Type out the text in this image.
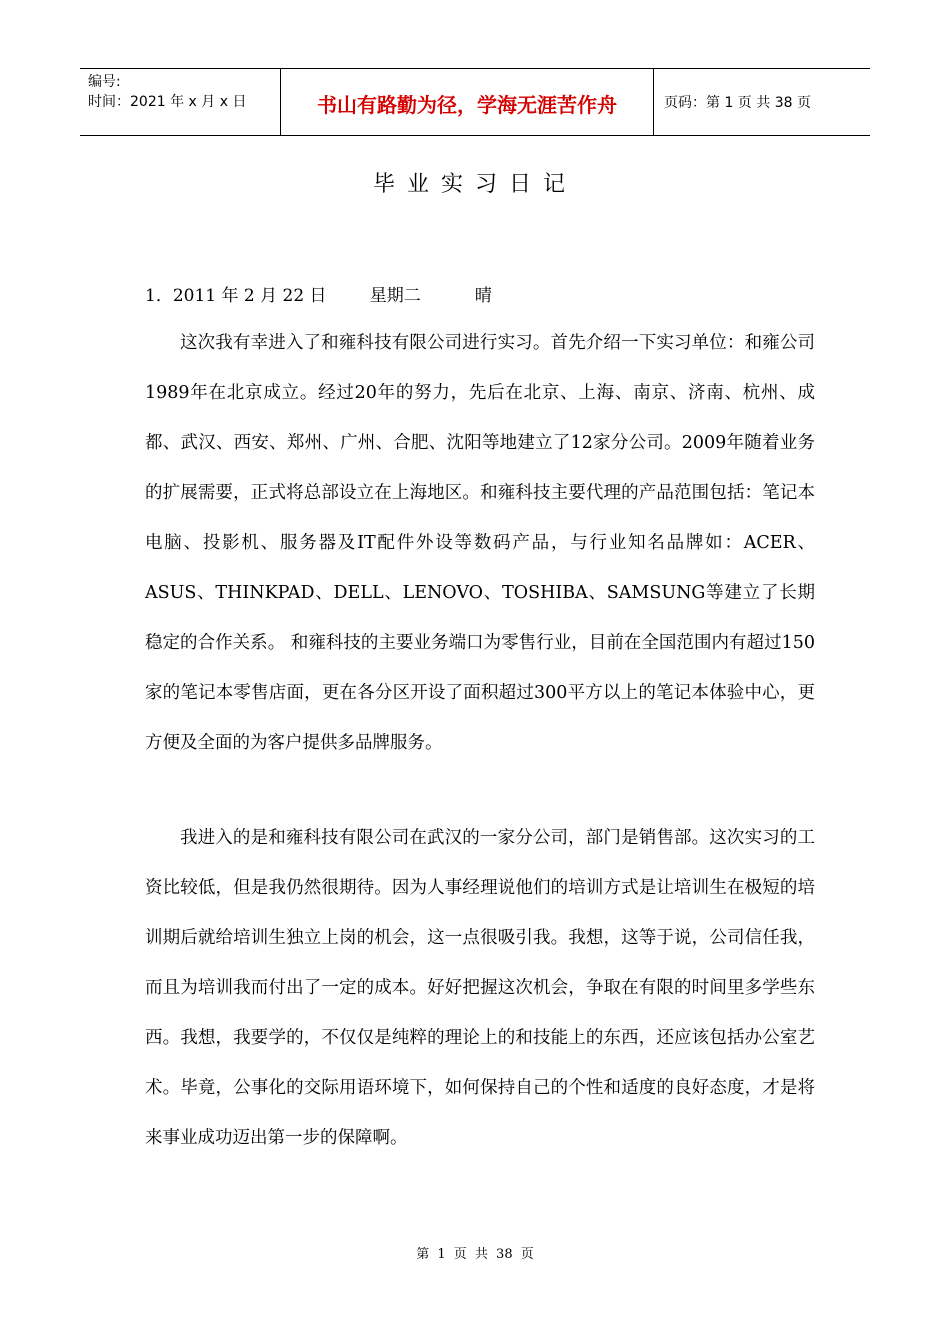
编号:
时间：2021 年 x 月 x 日	书山有路勤为径，学海无涯苦作舟	页码：第 1 页 共 38 页
毕业实习日记
1．2011 年 2 月 22 日        星期二          晴

这次我有幸进入了和雍科技有限公司进行实习。首先介绍一下实习单位：和雍公司1989年在北京成立。经过20年的努力，先后在北京、上海、南京、济南、杭州、成都、武汉、西安、郑州、广州、合肥、沈阳等地建立了12家分公司。2009年随着业务的扩展需要，正式将总部设立在上海地区。和雍科技主要代理的产品范围包括：笔记本电脑、投影机、服务器及IT配件外设等数码产品，与行业知名品牌如：ACER、ASUS、THINKPAD、DELL、LENOVO、TOSHIBA、SAMSUNG等建立了长期稳定的合作关系。 和雍科技的主要业务端口为零售行业，目前在全国范围内有超过150家的笔记本零售店面，更在各分区开设了面积超过300平方以上的笔记本体验中心，更方便及全面的为客户提供多品牌服务。

我进入的是和雍科技有限公司在武汉的一家分公司，部门是销售部。这次实习的工资比较低，但是我仍然很期待。因为人事经理说他们的培训方式是让培训生在极短的培训期后就给培训生独立上岗的机会，这一点很吸引我。我想，这等于说，公司信任我，而且为培训我而付出了一定的成本。好好把握这次机会，争取在有限的时间里多学些东西。我想，我要学的，不仅仅是纯粹的理论上的和技能上的东西，还应该包括办公室艺术。毕竟，公事化的交际用语环境下，如何保持自己的个性和适度的良好态度，才是将来事业成功迈出第一步的保障啊。

第 1 页 共 38 页
